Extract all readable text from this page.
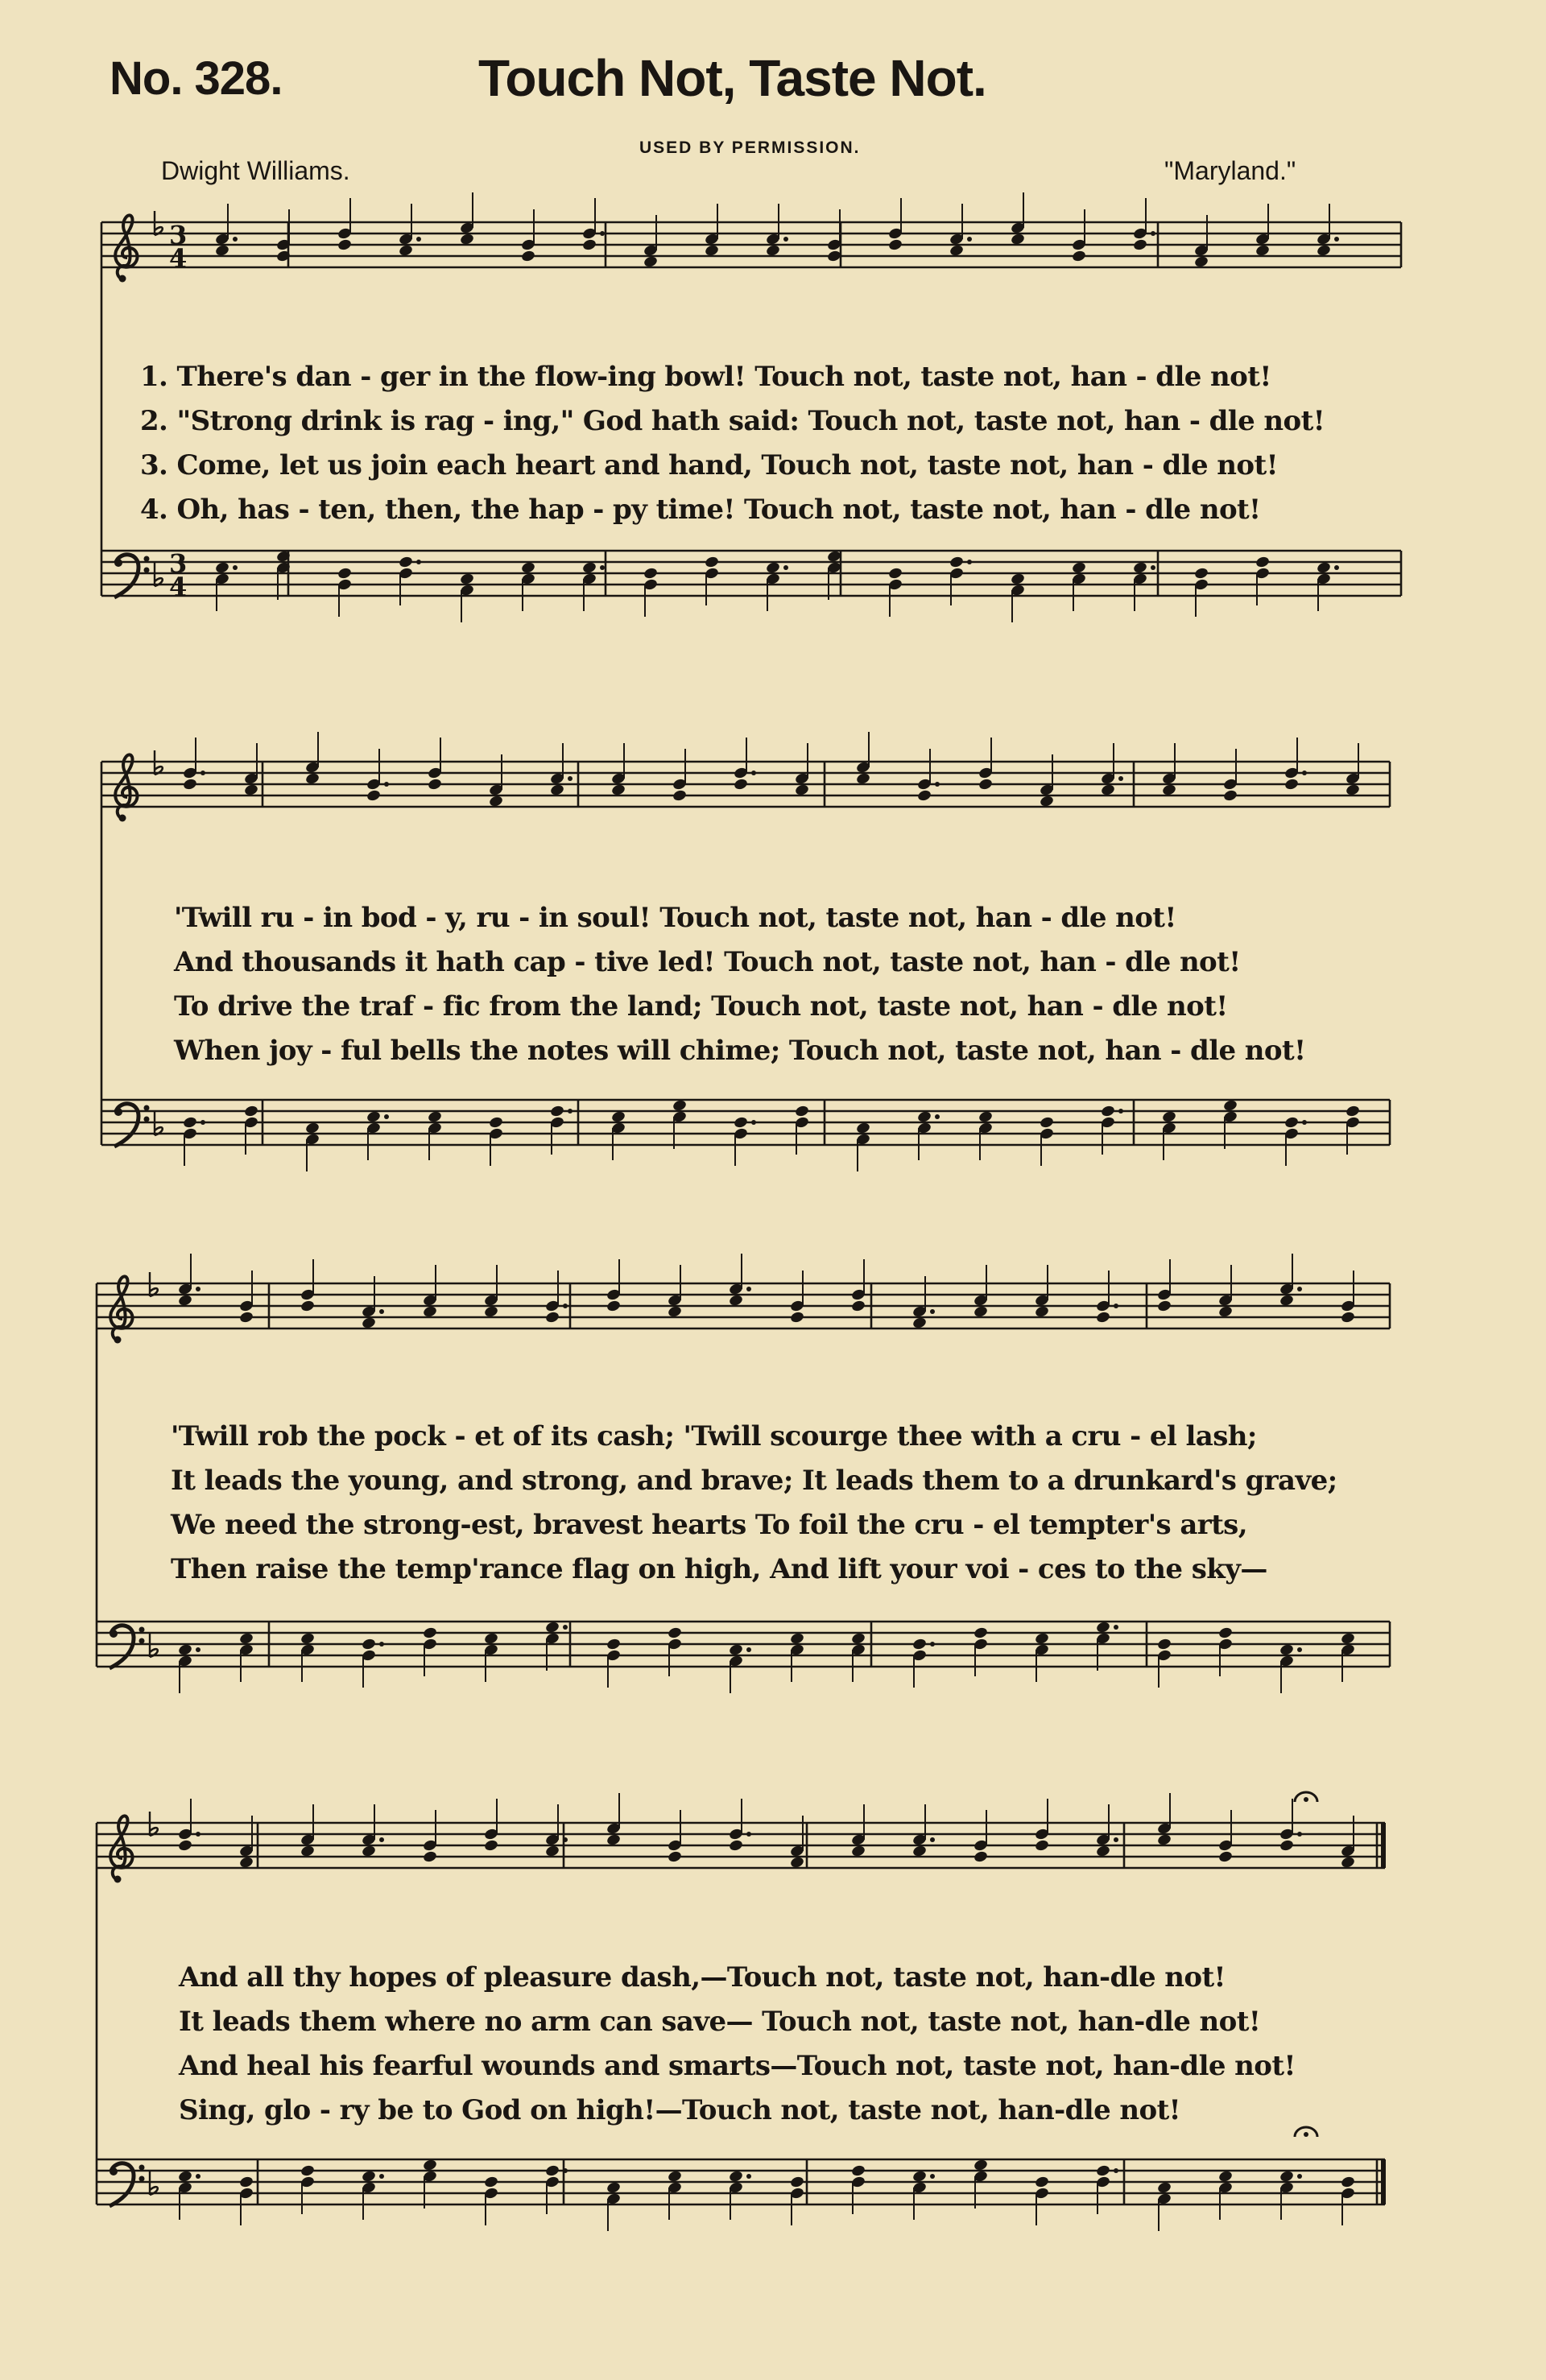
No. 328.	Touch Not, Taste Not.
USED BY PERMISSION.
Dwight Williams.	"Maryland."
3
4
3
4
1. There's dan - ger in the flow-ing bowl! Touch not, taste not, han - dle not!
2. "Strong drink is rag - ing," God hath said: Touch not, taste not, han - dle not!
3. Come, let us join each heart and hand, Touch not, taste not, han - dle not!
4. Oh, has - ten, then, the hap - py time! Touch not, taste not, han - dle not!
'Twill ru - in bod - y, ru - in soul! Touch not, taste not, han - dle not!
And thousands it hath cap - tive led! Touch not, taste not, han - dle not!
To drive the traf - fic from the land; Touch not, taste not, han - dle not!
When joy - ful bells the notes will chime; Touch not, taste not, han - dle not!
'Twill rob the pock - et of its cash; 'Twill scourge thee with a cru - el lash;
It leads the young, and strong, and brave; It leads them to a drunkard's grave;
We need the strong-est, bravest hearts To foil the cru - el tempter's arts,
Then raise the temp'rance flag on high, And lift your voi - ces to the sky—
And all thy hopes of pleasure dash,—Touch not, taste not, han-dle not!
It leads them where no arm can save— Touch not, taste not, han-dle not!
And heal his fearful wounds and smarts—Touch not, taste not, han-dle not!
Sing, glo - ry be to God on high!—Touch not, taste not, han-dle not!
